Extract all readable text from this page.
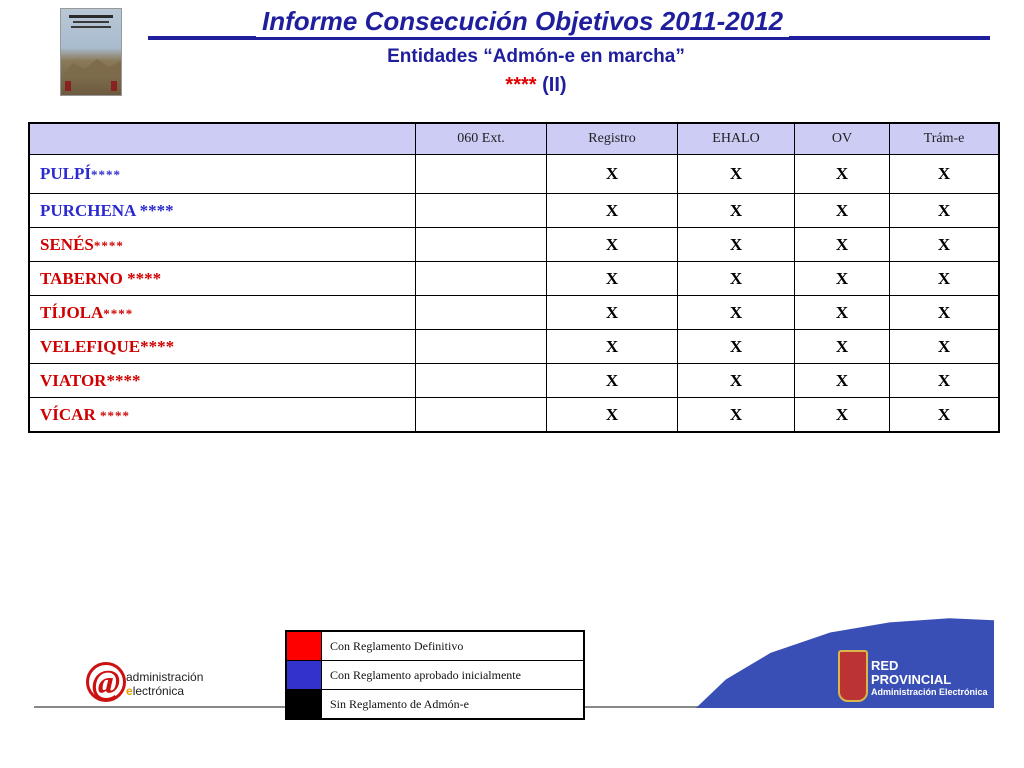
Informe Consecución Objetivos 2011-2012
Entidades “Admón-e en marcha”
**** (II)
	060 Ext.	Registro	EHALO	OV	Trám-e
PULPÍ****		X	X	X	X
PURCHENA ****		X	X	X	X
SENÉS****		X	X	X	X
TABERNO ****		X	X	X	X
TÍJOLA****		X	X	X	X
VELEFIQUE****		X	X	X	X
VIATOR****		X	X	X	X
VÍCAR ****		X	X	X	X
@ administración
electrónica
	Con Reglamento Definitivo
	Con Reglamento aprobado inicialmente
	Sin Reglamento de Admón-e
RED
PROVINCIAL
Administración Electrónica
